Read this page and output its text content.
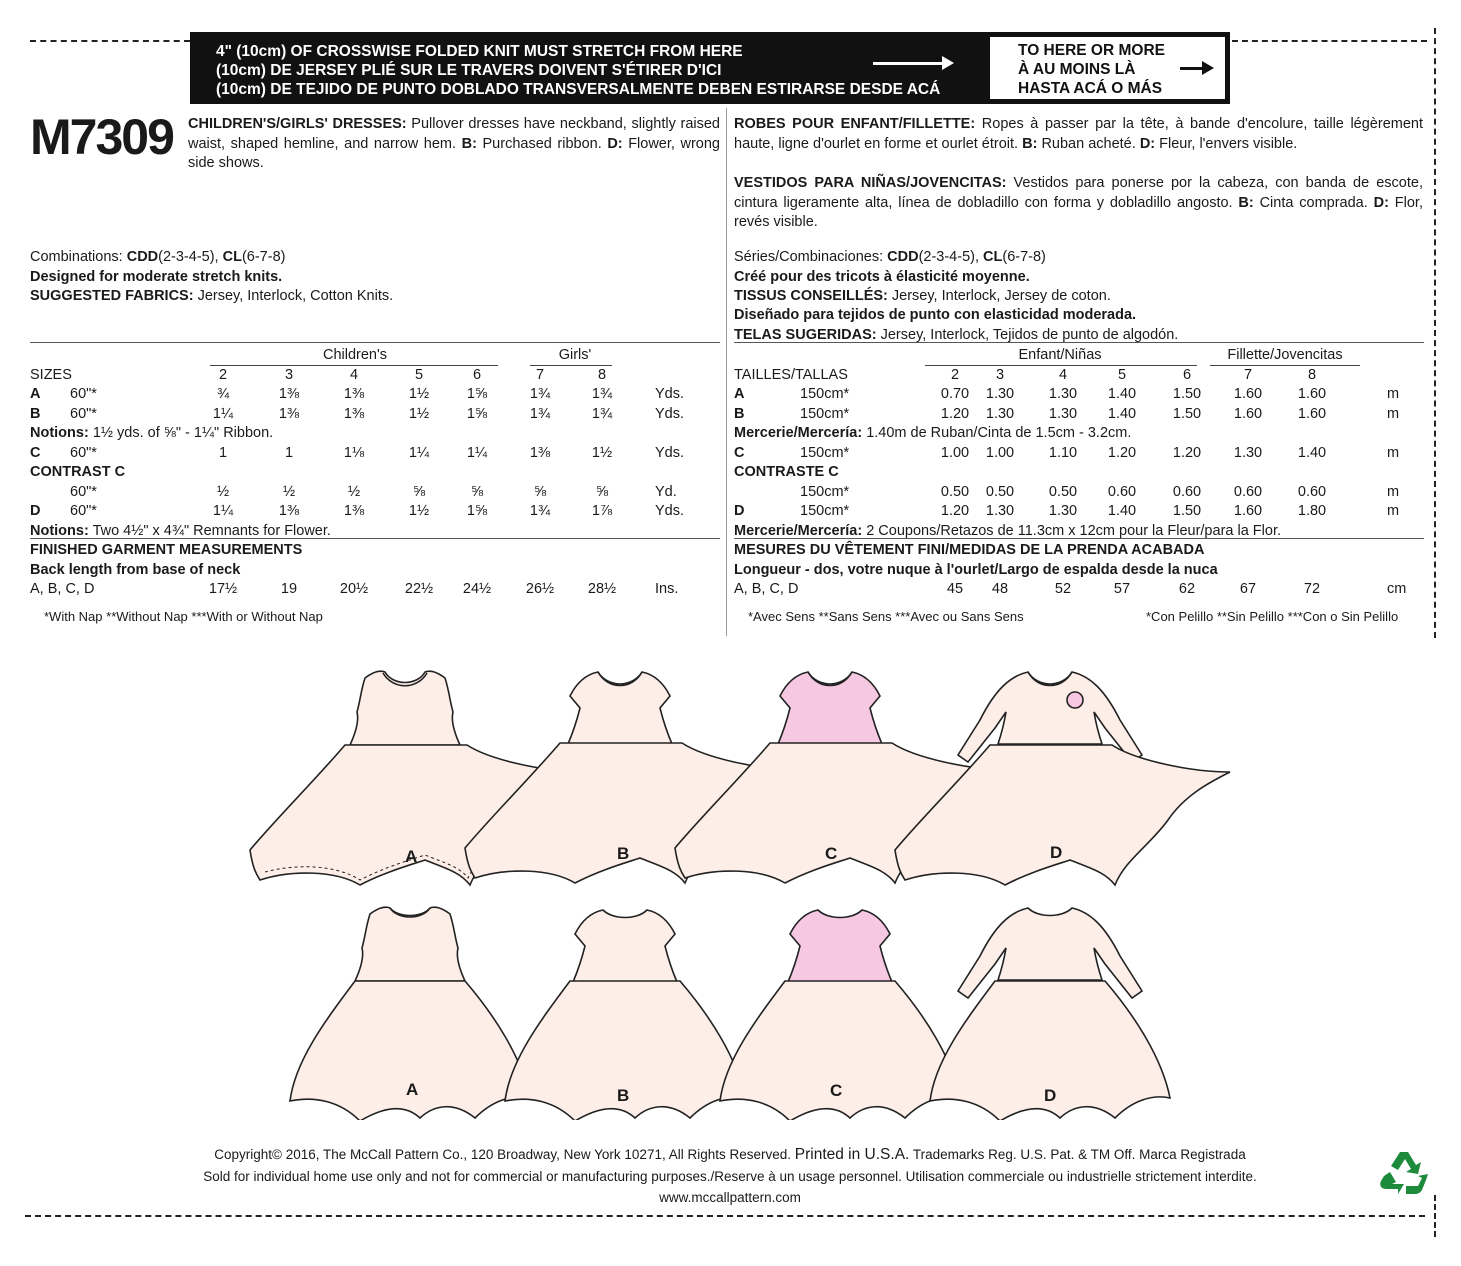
4" (10cm) OF CROSSWISE FOLDED KNIT MUST STRETCH FROM HERE
(10cm) DE JERSEY PLIÉ SUR LE TRAVERS DOIVENT S'ÉTIRER D'ICI
(10cm) DE TEJIDO DE PUNTO DOBLADO TRANSVERSALMENTE DEBEN ESTIRARSE DESDE ACÁ
TO HERE OR MORE
À AU MOINS LÀ
HASTA ACÁ O MÁS
M7309 CHILDREN'S/GIRLS' DRESSES: Pullover dresses have neckband, slightly raised waist, shaped hemline, and narrow hem. B: Purchased ribbon. D: Flower, wrong side shows.
ROBES POUR ENFANT/FILLETTE: Ropes à passer par la tête, à bande d'encolure, taille légèrement haute, ligne d'ourlet en forme et ourlet étroit. B: Ruban acheté. D: Fleur, l'envers visible.
VESTIDOS PARA NIÑAS/JOVENCITAS: Vestidos para ponerse por la cabeza, con banda de escote, cintura ligeramente alta, línea de dobladillo con forma y dobladillo angosto. B: Cinta comprada. D: Flor, revés visible.
Combinations: CDD(2-3-4-5), CL(6-7-8)
Designed for moderate stretch knits.
SUGGESTED FABRICS: Jersey, Interlock, Cotton Knits.
Séries/Combinaciones: CDD(2-3-4-5), CL(6-7-8)
Créé pour des tricots à élasticité moyenne.
TISSUS CONSEILLÉS: Jersey, Interlock, Jersey de coton.
Diseñado para tejidos de punto con elasticidad moderada.
TELAS SUGERIDAS: Jersey, Interlock, Tejidos de punto de algodón.
Children's	Girls'
SIZES	2	3	4	5	6	7	8
A 60"*	¾	1⅜	1⅜	1½	1⅝	1¾	1¾	Yds.
B 60"*	1¼	1⅜	1⅜	1½	1⅝	1¾	1¾	Yds.
Notions: 1½ yds. of ⅝" - 1¼" Ribbon.
C 60"*	1	1	1⅛	1¼	1¼	1⅜	1½	Yds.
CONTRAST C
60"*	½	½	½	⅝	⅝	⅝	⅝	Yd.
D 60"*	1¼	1⅜	1⅜	1½	1⅝	1¾	1⅞	Yds.
Notions: Two 4½" x 4¾" Remnants for Flower.
FINISHED GARMENT MEASUREMENTS
Back length from base of neck
A, B, C, D	17½	19	20½	22½	24½	26½	28½	Ins.
Enfant/Niñas	Fillette/Jovencitas
TAILLES/TALLAS	2	3	4	5	6	7	8
A	150cm*	0.70	1.30	1.30	1.40	1.50	1.60	1.60	m
B	150cm*	1.20	1.30	1.30	1.40	1.50	1.60	1.60	m
Mercerie/Mercería: 1.40m de Ruban/Cinta de 1.5cm - 3.2cm.
C	150cm*	1.00	1.00	1.10	1.20	1.20	1.30	1.40	m
CONTRASTE C
150cm*	0.50	0.50	0.50	0.60	0.60	0.60	0.60	m
D	150cm*	1.20	1.30	1.30	1.40	1.50	1.60	1.80	m
Mercerie/Mercería: 2 Coupons/Retazos de 11.3cm x 12cm pour la Fleur/para la Flor.
MESURES DU VÊTEMENT FINI/MEDIDAS DE LA PRENDA ACABADA
Longueur - dos, votre nuque à l'ourlet/Largo de espalda desde la nuca
A, B, C, D	45	48	52	57	62	67	72	cm
*With Nap **Without Nap ***With or Without Nap	*Avec Sens **Sans Sens ***Avec ou Sans Sens	*Con Pelillo **Sin Pelillo ***Con o Sin Pelillo
A	B	C	D
A	B	C	D
Copyright© 2016, The McCall Pattern Co., 120 Broadway, New York 10271, All Rights Reserved. Printed in U.S.A. Trademarks Reg. U.S. Pat. & TM Off. Marca Registrada
Sold for individual home use only and not for commercial or manufacturing purposes./Reserve à un usage personnel. Utilisation commerciale ou industrielle strictement interdite.
www.mccallpattern.com
